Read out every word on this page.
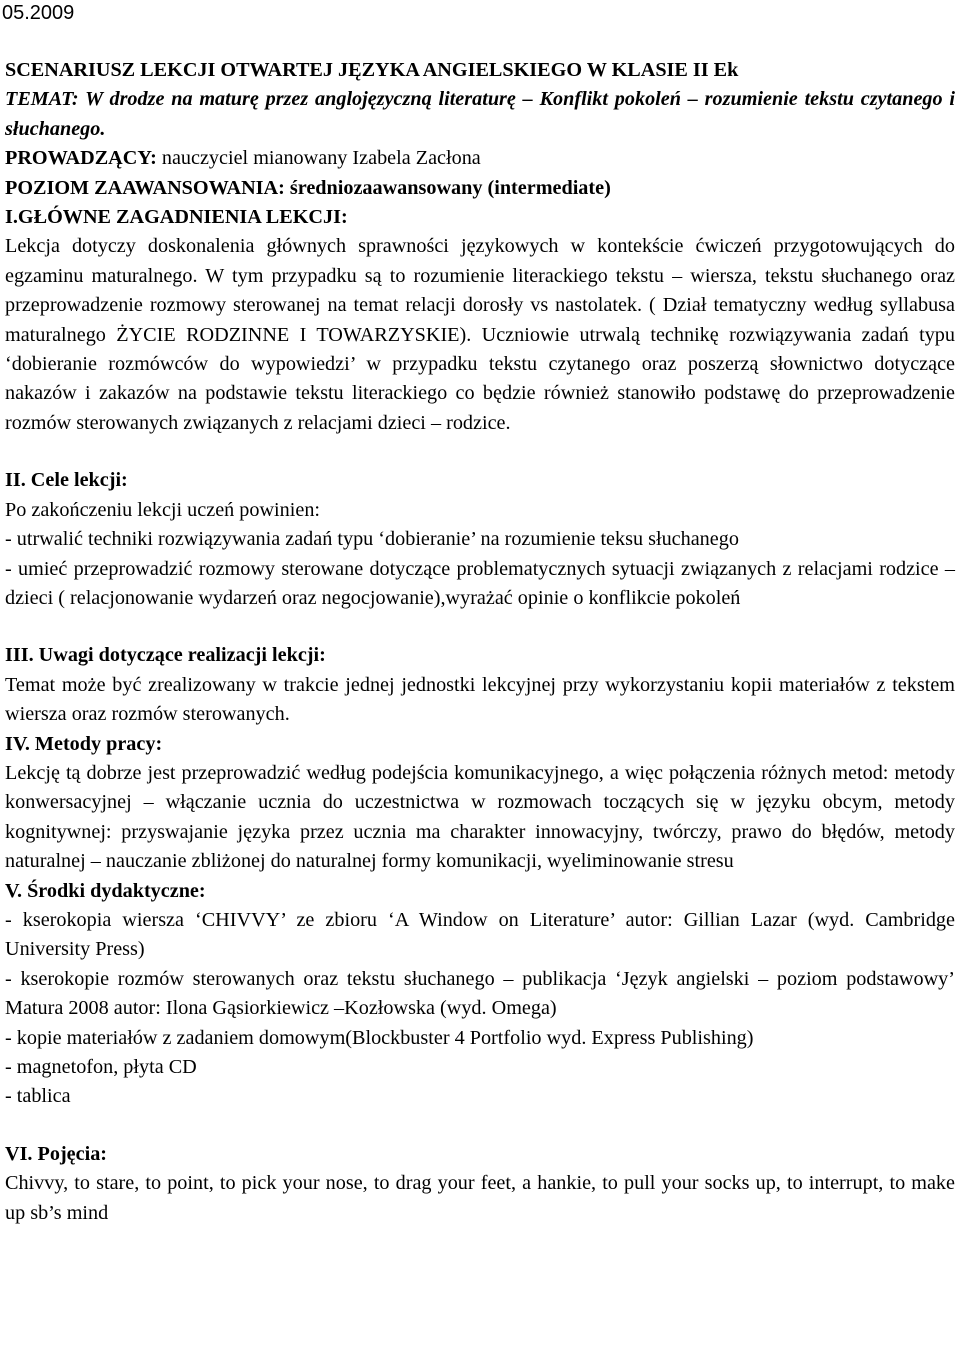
05.2009

SCENARIUSZ LEKCJI OTWARTEJ JĘZYKA ANGIELSKIEGO W KLASIE II Ek

TEMAT: W drodze na maturę przez anglojęzyczną literaturę – Konflikt pokoleń – rozumienie tekstu czytanego i słuchanego.

PROWADZĄCY: nauczyciel mianowany Izabela Zacłona

POZIOM ZAAWANSOWANIA: średniozaawansowany (intermediate)

I.GŁÓWNE ZAGADNIENIA LEKCJI:

Lekcja dotyczy doskonalenia głównych sprawności językowych w kontekście ćwiczeń przygotowujących do egzaminu maturalnego. W tym przypadku są to rozumienie literackiego tekstu – wiersza, tekstu słuchanego oraz przeprowadzenie rozmowy sterowanej na temat relacji dorosły vs nastolatek. ( Dział tematyczny według syllabusa maturalnego ŻYCIE RODZINNE I TOWARZYSKIE). Uczniowie utrwalą technikę rozwiązywania zadań typu ‘dobieranie rozmówców do wypowiedzi’ w przypadku tekstu czytanego oraz poszerzą słownictwo dotyczące nakazów i zakazów na podstawie tekstu literackiego co będzie również stanowiło podstawę do przeprowadzenie rozmów sterowanych związanych z relacjami dzieci – rodzice.

II. Cele lekcji:

Po zakończeniu lekcji uczeń powinien:

- utrwalić techniki rozwiązywania zadań typu ‘dobieranie’ na rozumienie teksu słuchanego

- umieć przeprowadzić rozmowy sterowane dotyczące problematycznych sytuacji związanych z relacjami rodzice – dzieci ( relacjonowanie wydarzeń oraz negocjowanie),wyrażać opinie o konflikcie pokoleń

III. Uwagi dotyczące realizacji lekcji:

Temat może być zrealizowany w trakcie jednej jednostki lekcyjnej przy wykorzystaniu kopii materiałów z tekstem wiersza oraz rozmów sterowanych.

IV. Metody pracy:

Lekcję tą dobrze jest przeprowadzić według podejścia komunikacyjnego, a więc połączenia różnych metod: metody konwersacyjnej – włączanie ucznia do uczestnictwa w rozmowach toczących się w języku obcym, metody kognitywnej: przyswajanie języka przez ucznia ma charakter innowacyjny, twórczy, prawo do błędów, metody naturalnej – nauczanie zbliżonej do naturalnej formy komunikacji, wyeliminowanie stresu

V. Środki dydaktyczne:

- kserokopia wiersza ‘CHIVVY’ ze zbioru ‘A Window on Literature’ autor: Gillian Lazar (wyd. Cambridge University Press)

- kserokopie rozmów sterowanych oraz tekstu słuchanego – publikacja ‘Język angielski – poziom podstawowy’ Matura 2008 autor: Ilona Gąsiorkiewicz –Kozłowska (wyd. Omega)

- kopie materiałów z zadaniem domowym(Blockbuster 4 Portfolio wyd. Express Publishing)

- magnetofon, płyta CD

- tablica

VI. Pojęcia:

Chivvy, to stare, to point, to pick your nose, to drag your feet, a hankie, to pull your socks up, to interrupt, to make up sb’s mind
